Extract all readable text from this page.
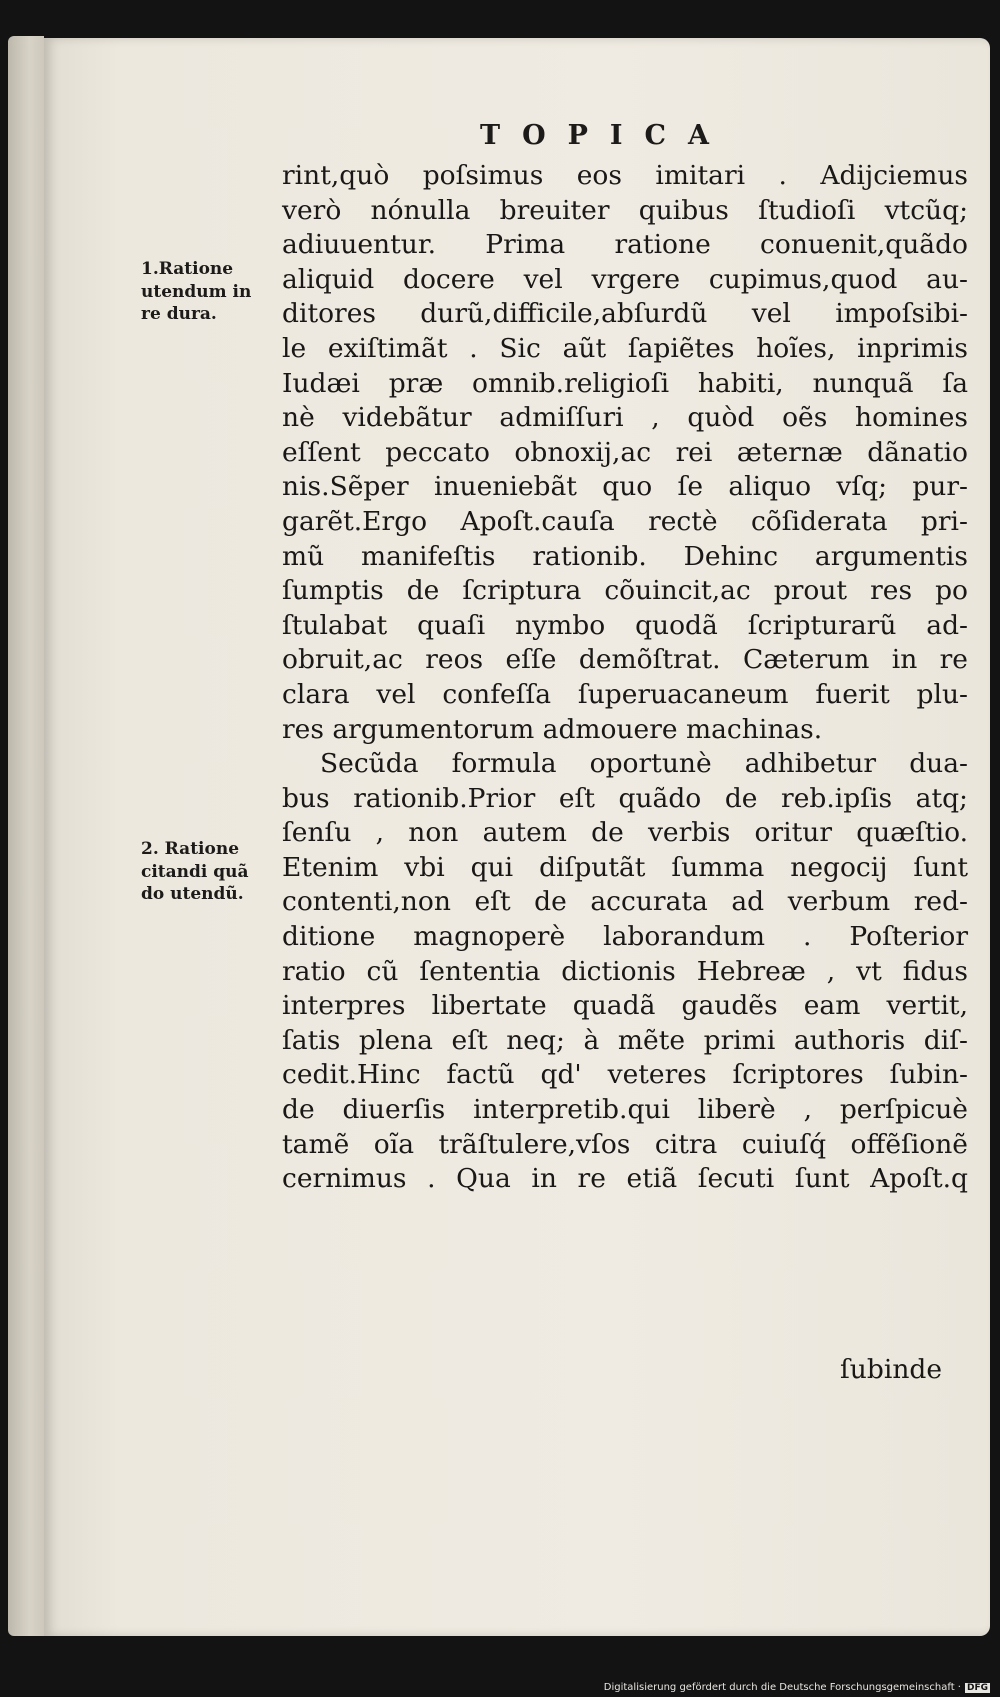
TOPICA
1.Ratione
utendum in
re dura.
2. Ratione
citandi quã
do utendũ.
rint,quò poſsimus eos imitari . Adijciemus
verò nónulla breuiter quibus ſtudioſi vtcũq;
adiuuentur. Prima ratione conuenit,quãdo
aliquid docere vel vrgere cupimus,quod au-
ditores durũ,difficile,abſurdũ vel impoſsibi-
le exiſtimãt . Sic aũt ſapiẽtes hoĩes, inprimis
Iudæi præ omnib.religioſi habiti, nunquã ſa
nè videbãtur admiſſuri , quòd oẽs homines
eſſent peccato obnoxij,ac rei æternæ dãnatio
nis.Sẽper inueniebãt quo ſe aliquo vſq; pur-
garẽt.Ergo Apoſt.cauſa rectè cõſiderata pri-
mũ manifeſtis rationib. Dehinc argumentis
ſumptis de ſcriptura cõuincit,ac prout res po
ſtulabat quaſi nymbo quodã ſcripturarũ ad-
obruit,ac reos eſſe demõſtrat. Cæterum in re
clara vel confeſſa ſuperuacaneum fuerit plu-
res argumentorum admouere machinas.
Secũda formula oportunè adhibetur dua-
bus rationib.Prior eſt quãdo de reb.ipſis atq;
ſenſu , non autem de verbis oritur quæſtio.
Etenim vbi qui diſputãt ſumma negocij ſunt
contenti,non eſt de accurata ad verbum red-
ditione magnoperè laborandum . Poſterior
ratio cũ ſententia dictionis Hebreæ , vt fidus
interpres libertate quadã gaudẽs eam vertit,
ſatis plena eſt neq; à mẽte primi authoris diſ-
cedit.Hinc factũ qd' veteres ſcriptores ſubin-
de diuerſis interpretib.qui liberè , perſpicuè
tamẽ oĩa trãſtulere,vſos citra cuiuſq́ offẽſionẽ
cernimus . Qua in re etiã ſecuti ſunt Apoſt.q
ſubinde
Digitalisierung gefördert durch die Deutsche Forschungsgemeinschaft · DFG
